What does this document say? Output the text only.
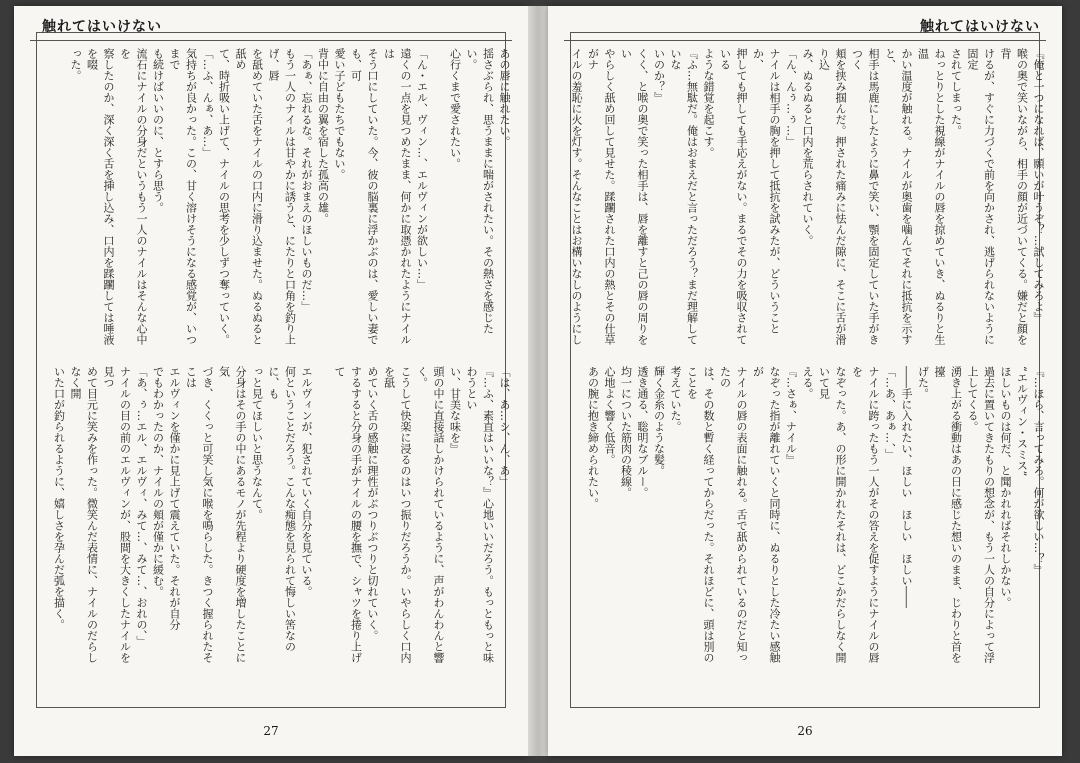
触れてはいけない
あの唇に触れたい。
揺さぶられ、思うままに喘がされたい。その熱さを感じたい。
心行くまで愛されたい。

「ん・エル、ヴィン…、エルヴィンが欲しい…」
遠くの一点を見つめたまま、何かに取憑かれたようにナイルは
そう口にしていた。今、彼の脳裏に浮かぶのは、愛しい妻でも、可
愛い子どもたちでもない。
背中に自由の翼を宿した孤高の雄。
「あぁ、忘れるな。それがおまえのほしいものだ…」
もう一人のナイルは甘やかに誘うと、にたりと口角を釣り上げ、唇
を舐めていた舌をナイルの口内に滑り込ませた。ぬるぬると舐め
て、時折吸い上げて、ナイルの思考を少しずつ奪っていく。
「…ふ、んぁ、あ…」
気持ちが良かった。この、甘く溶けそうになる感覚が、いつまで
も続けばいいのに、とすら思う。
流石にナイルの分身だというもう一人のナイルはそんな心中を
察したのか、深く深く舌を挿し込み、口内を蹂躙しては唾液を啜
った。
「は、あ…シ、ん、あ」
『…ふ、素直はいいな？』心地いいだろう。もっともっと味わうとい
い、甘美な味を』
頭の中に直接話しかけられているように、声がわんわんと響く。
こうして快楽に浸るのはいつ振りだろうか。いやらしく口内を舐
めていく舌の感触に理性がぶつりぶつりと切れていく。
するすると分身の手がナイルの腰を撫で、シャツを捲り上げて

エルヴィンが、犯されていく自分を見ている。
何ということだろう。こんな痴態を見られて悔しい筈なのに、も
っと見てほしいと思うなんて。
分身はその手の中にあるモノが先程より硬度を増したことに気
づき、くくっと可笑し気に喉を鳴らした。きつく握られたそこは
エルヴィンを僅かに見上げて震えていた。それが自分
でもわかったのか、ナイルの頬が僅かに緩む。
「あ、ぅ…エル、エルヴィ、みて…、みて…、おれの、」
ナイルの目の前のエルヴィンが、股間を大きくしたナイルを見つ
めて目元に笑みを作った。微笑んだ表情に、ナイルのだらしなく開
いた口が釣られるように、嬉しさを孕んだ弧を描く。
27
触れてはいけない
『俺と一つになれば、願いが叶うぞ？…試してみろよ』
喉の奥で笑いながら、相手の顔が近づいてくる。嫌だと顔を背
けるが、すぐに力づくで前を向かされ、逃げられないように固定
されてしまった。
ねっとりとした視線がナイルの唇を掠めていき、ぬるりと生温
かい温度が触れる。ナイルが奥歯を噛んでそれに抵抗を示すと、
相手は馬鹿にしたように鼻で笑い、顎を固定していた手がきつく
頬を挟み掴んだ。押された痛みに怯んだ隙に、そこに舌が滑り込
み、ぬるぬると口内を荒らされていく。
「ん、んぅ…ぅ…」
ナイルは相手の胸を押して抵抗を試みたが、どういうことか、
押しても押しても手応えがない。まるでその力を吸収されている
ような錯覚を起こす。
『ふ…無駄だ。俺はおまえだと言っただろう？まだ理解していな
いのか？』
くく、と喉の奥で笑った相手は、唇を離すと己の唇の周りをい
やらしく舐め回して見せた。蹂躙された口内の熱とその仕草がナ
イルの羞恥に火を灯す。そんなことはお構いなしのようにし

『…ほら、言ってみろ。何が欲しい…？』
“エルヴィン・スミス”
ほしいものは何だ、と聞かれればそれしかない。
過去に置いてきたもりの想念が、もう一人の自分によって浮
上してくる。
湧き上がる衝動はあの日に感じた想いのまま、じわりと首を擡
げた。
――手に入れたい、ほしい　ほしい　ほしい――
「…あ、あぁ…、」
ナイルに跨ったもう一人がその答えを促すようにナイルの唇を
なぞった。あ、の形に開かれたそれは、どこかだらしなく開いて見
える。
『…さぁ、ナイル』
なぞった指が離れていくと同時に、ぬるりとした冷たい感触が
ナイルの唇の表面に触れる。舌で舐められているのだと知ったの
は、その数と暫く経ってからだった。それほどに、頭は別のことを
考えていた。
輝く金糸のような髪。
透き通る、聡明なブルー。
均一についた筋肉の稜線。
心地よく響く低音。
あの腕に抱き締められたい。

26
